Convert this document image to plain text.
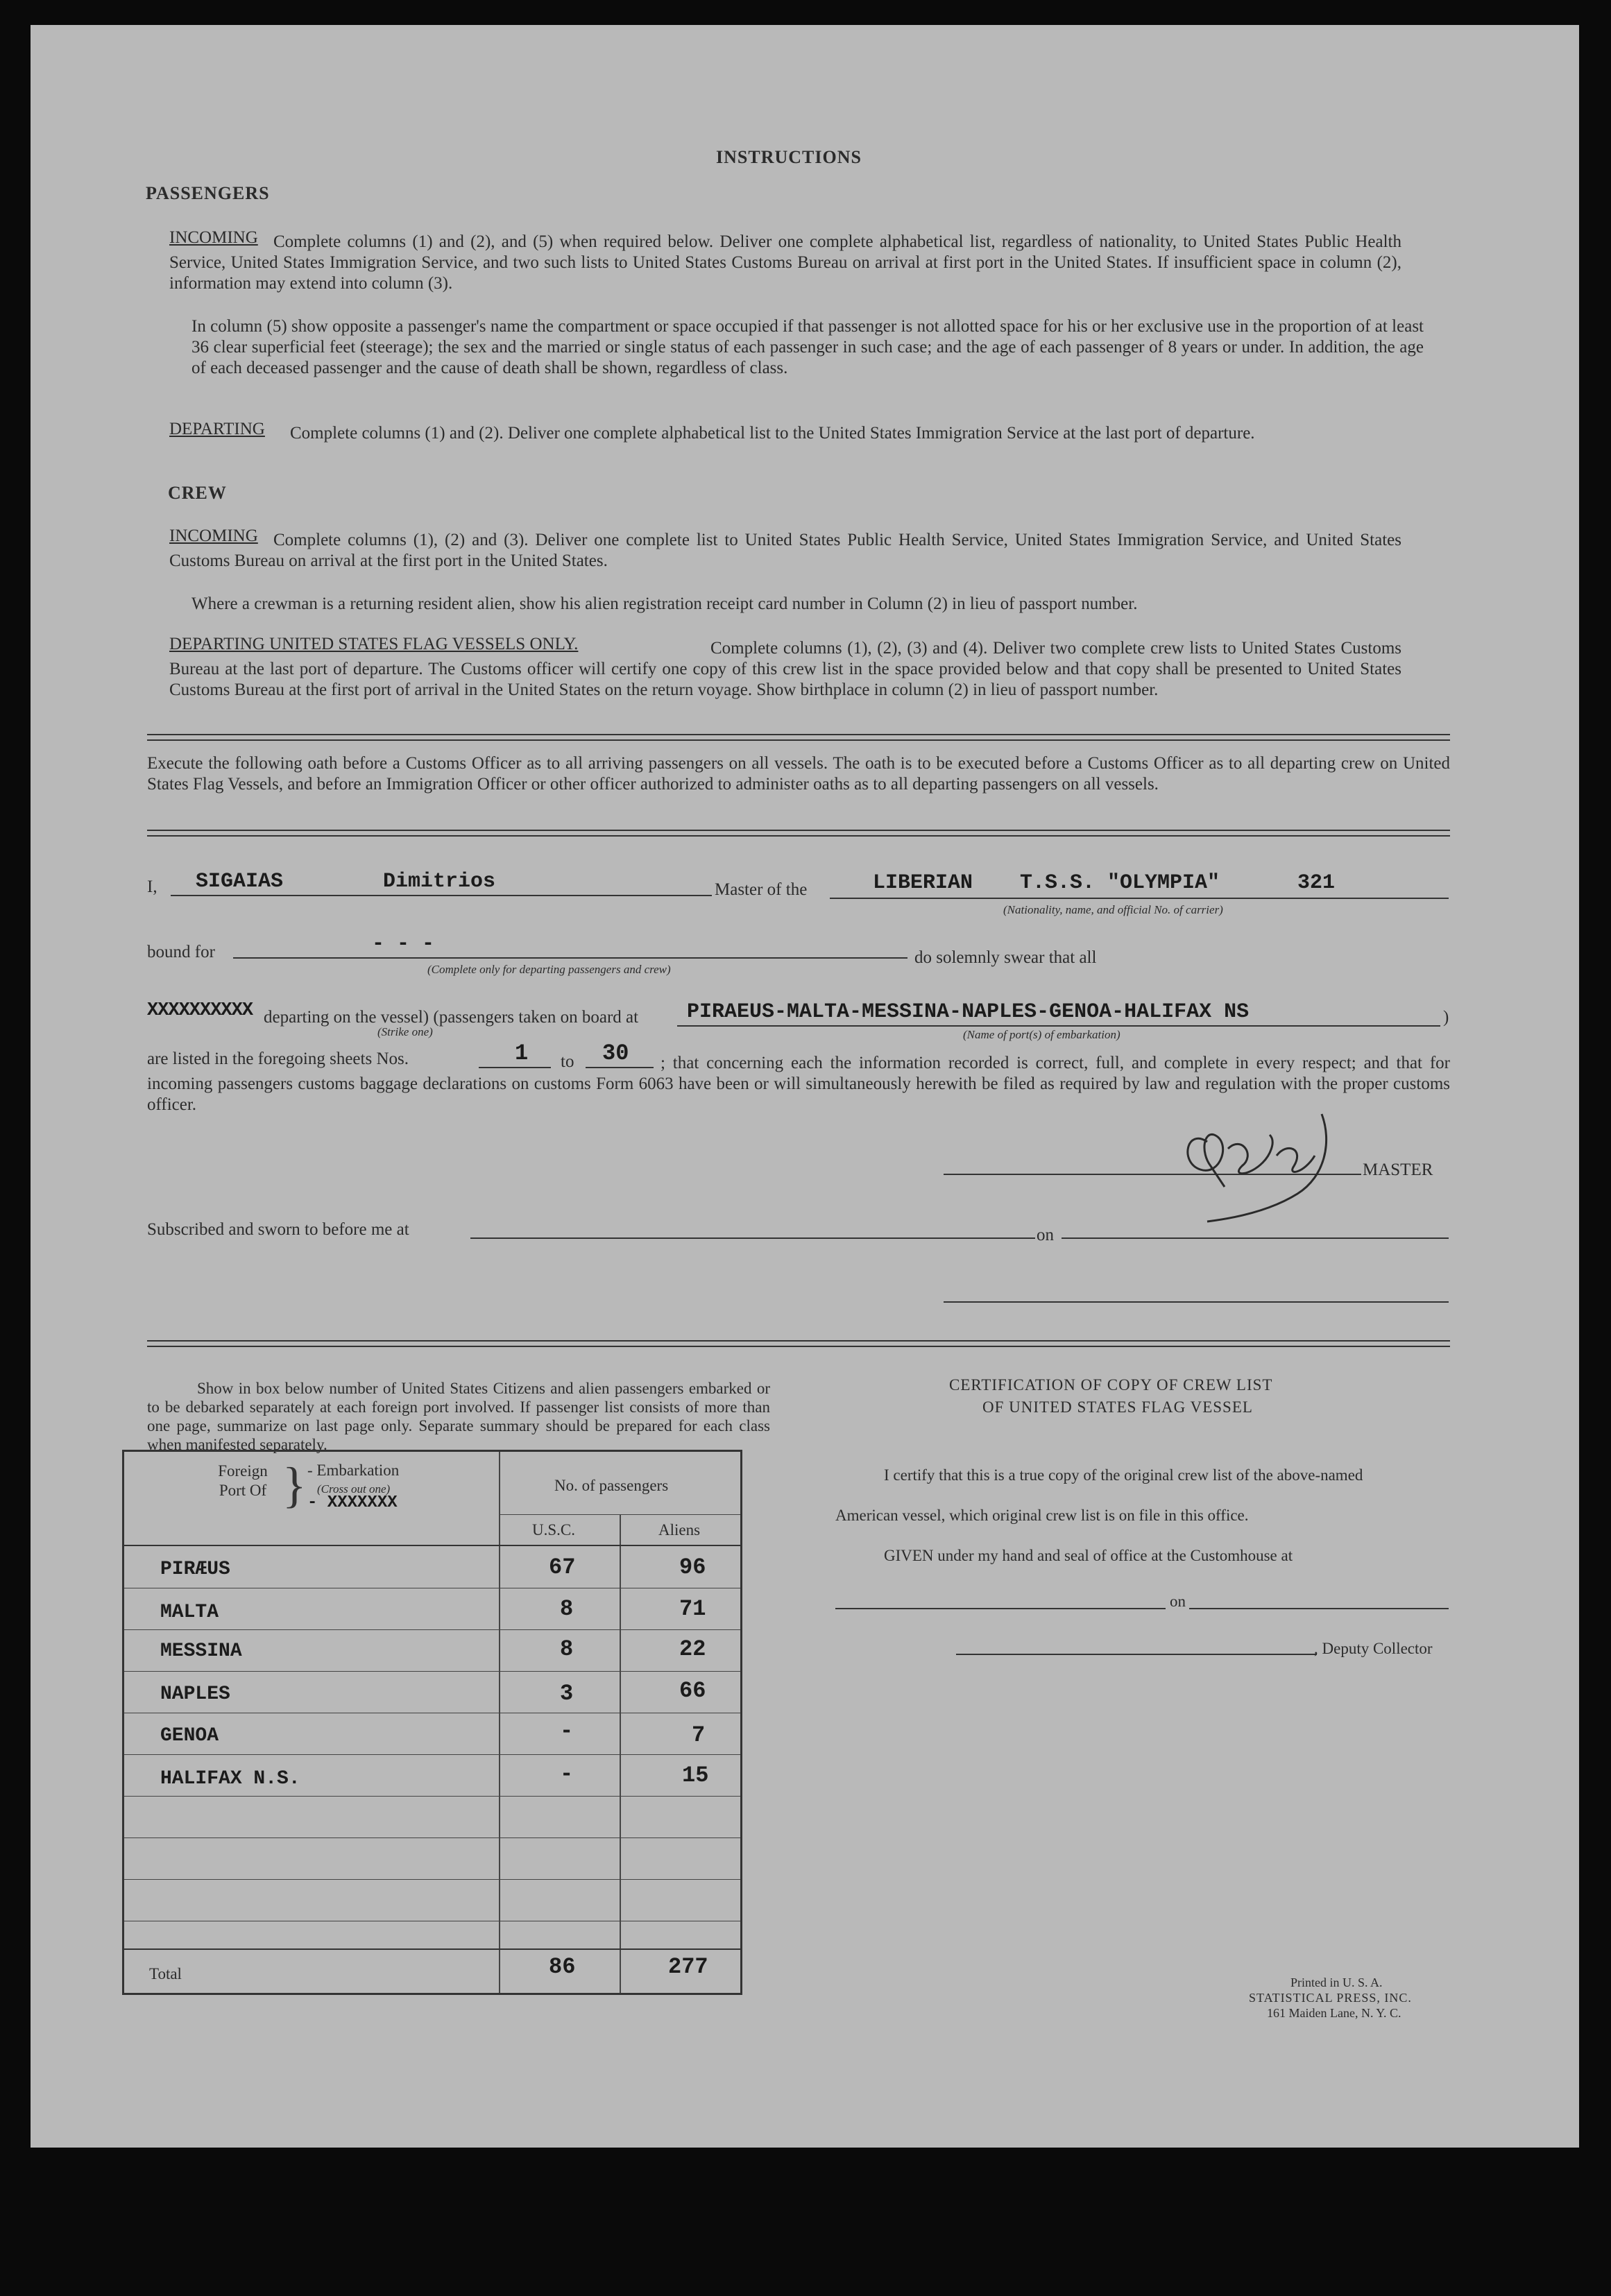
INSTRUCTIONS
PASSENGERS
INCOMING Complete columns (1) and (2), and (5) when required below. Deliver one complete alphabetical list, regardless of nationality, to United States Public Health Service, United States Immigration Service, and two such lists to United States Customs Bureau on arrival at first port in the United States. If insufficient space in column (2), information may extend into column (3).
In column (5) show opposite a passenger's name the compartment or space occupied if that passenger is not allotted space for his or her exclusive use in the proportion of at least 36 clear superficial feet (steerage); the sex and the married or single status of each passenger in such case; and the age of each passenger of 8 years or under. In addition, the age of each deceased passenger and the cause of death shall be shown, regardless of class.
DEPARTING	Complete columns (1) and (2). Deliver one complete alphabetical list to the United States Immigration Service at the last port of departure.
CREW
INCOMING Complete columns (1), (2) and (3). Deliver one complete list to United States Public Health Service, United States Immigration Service, and United States Customs Bureau on arrival at the first port in the United States.
Where a crewman is a returning resident alien, show his alien registration receipt card number in Column (2) in lieu of passport number.
DEPARTING UNITED STATES FLAG VESSELS ONLY.	Complete columns (1), (2), (3) and (4). Deliver two complete crew lists to United States Customs Bureau at the last port of departure. The Customs officer will certify one copy of this crew list in the space provided below and that copy shall be presented to United States Customs Bureau at the first port of arrival in the United States on the return voyage. Show birthplace in column (2) in lieu of passport number.
Execute the following oath before a Customs Officer as to all arriving passengers on all vessels. The oath is to be executed before a Customs Officer as to all departing crew on United States Flag Vessels, and before an Immigration Officer or other officer authorized to administer oaths as to all departing passengers on all vessels.
I, SIGAIAS	Dimitrios	Master of the	LIBERIAN T.S.S. "OLYMPIA"	321
(Nationality, name, and official No. of carrier)
bound for	- - -
(Complete only for departing passengers and crew)
do solemnly swear that all
XXXXXXXXXX departing on the vessel) (passengers taken on board at
(Strike one)
PIRAEUS-MALTA-MESSINA-NAPLES-GENOA-HALIFAX NS	)
(Name of port(s) of embarkation)
are listed in the foregoing sheets Nos.	1 to 30	; that concerning each the information recorded is correct, full, and complete in every respect; and that for incoming passengers customs baggage declarations on customs Form 6063 have been or will simultaneously herewith be filed as required by law and regulation with the proper customs officer.
MASTER
Subscribed and sworn to before me at	on
Show in box below number of United States Citizens and alien passengers embarked or to be debarked separately at each foreign port involved. If passenger list consists of more than one page, summarize on last page only. Separate summary should be prepared for each class when manifested separately.
Foreign Port Of } - Embarkation
(Cross out one)
- XXXXXXX
No. of passengers
U.S.C.	Aliens
PIRÆUS	67	96
MALTA	8	71
MESSINA	8	22
NAPLES	3	66
GENOA	-	7
HALIFAX N.S.	-	15
Total	86	277
CERTIFICATION OF COPY OF CREW LIST
OF UNITED STATES FLAG VESSEL
I certify that this is a true copy of the original crew list of the above-named
American vessel, which original crew list is on file in this office.
GIVEN under my hand and seal of office at the Customhouse at
on
, Deputy Collector
Printed in U. S. A.
STATISTICAL PRESS, INC.
161 Maiden Lane, N. Y. C.
